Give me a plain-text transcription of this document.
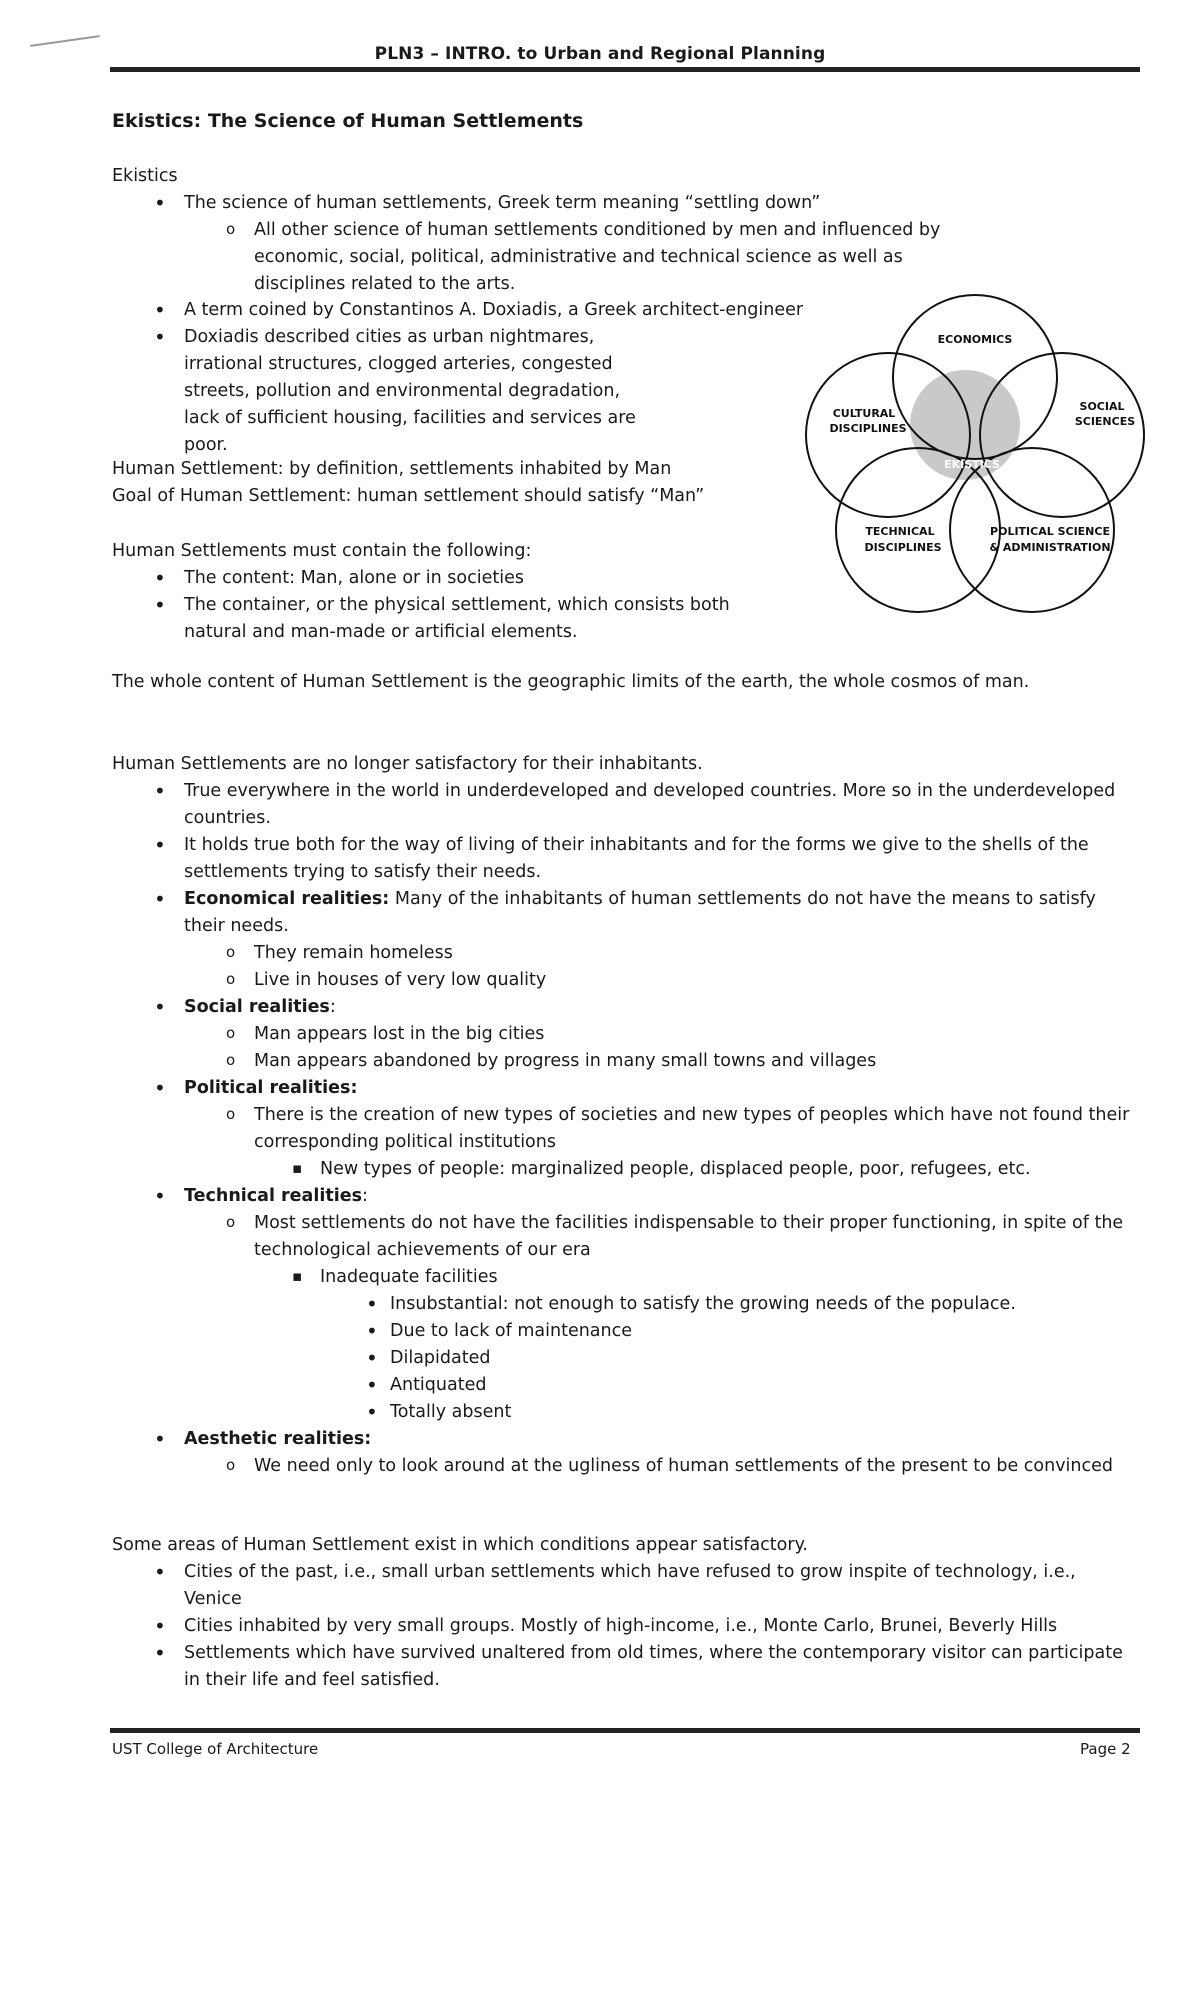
PLN3 – INTRO. to Urban and Regional Planning
Ekistics: The Science of Human Settlements
Ekistics
• The science of human settlements, Greek term meaning “settling down”
o All other science of human settlements conditioned by men and influenced by economic, social, political, administrative and technical science as well as disciplines related to the arts.
• A term coined by Constantinos A. Doxiadis, a Greek architect-engineer
• Doxiadis described cities as urban nightmares, irrational structures, clogged arteries, congested streets, pollution and environmental degradation, lack of sufficient housing, facilities and services are poor.
ECONOMICS
SOCIAL
SCIENCES
CULTURAL
DISCIPLINES
EKISTICS
TECHNICAL
DISCIPLINES
POLITICAL SCIENCE
& ADMINISTRATION
Human Settlement: by definition, settlements inhabited by Man
Goal of Human Settlement: human settlement should satisfy “Man”
Human Settlements must contain the following:
• The content: Man, alone or in societies
• The container, or the physical settlement, which consists both natural and man-made or artificial elements.
The whole content of Human Settlement is the geographic limits of the earth, the whole cosmos of man.
Human Settlements are no longer satisfactory for their inhabitants.
• True everywhere in the world in underdeveloped and developed countries. More so in the underdeveloped countries.
• It holds true both for the way of living of their inhabitants and for the forms we give to the shells of the settlements trying to satisfy their needs.
• Economical realities: Many of the inhabitants of human settlements do not have the means to satisfy their needs.
o They remain homeless
o Live in houses of very low quality
• Social realities:
o Man appears lost in the big cities
o Man appears abandoned by progress in many small towns and villages
• Political realities:
o There is the creation of new types of societies and new types of peoples which have not found their corresponding political institutions
▪ New types of people: marginalized people, displaced people, poor, refugees, etc.
• Technical realities:
o Most settlements do not have the facilities indispensable to their proper functioning, in spite of the technological achievements of our era
▪ Inadequate facilities
• Insubstantial: not enough to satisfy the growing needs of the populace.
• Due to lack of maintenance
• Dilapidated
• Antiquated
• Totally absent
• Aesthetic realities:
o We need only to look around at the ugliness of human settlements of the present to be convinced
Some areas of Human Settlement exist in which conditions appear satisfactory.
• Cities of the past, i.e., small urban settlements which have refused to grow inspite of technology, i.e., Venice
• Cities inhabited by very small groups. Mostly of high-income, i.e., Monte Carlo, Brunei, Beverly Hills
• Settlements which have survived unaltered from old times, where the contemporary visitor can participate in their life and feel satisfied.
UST College of Architecture	Page 2
